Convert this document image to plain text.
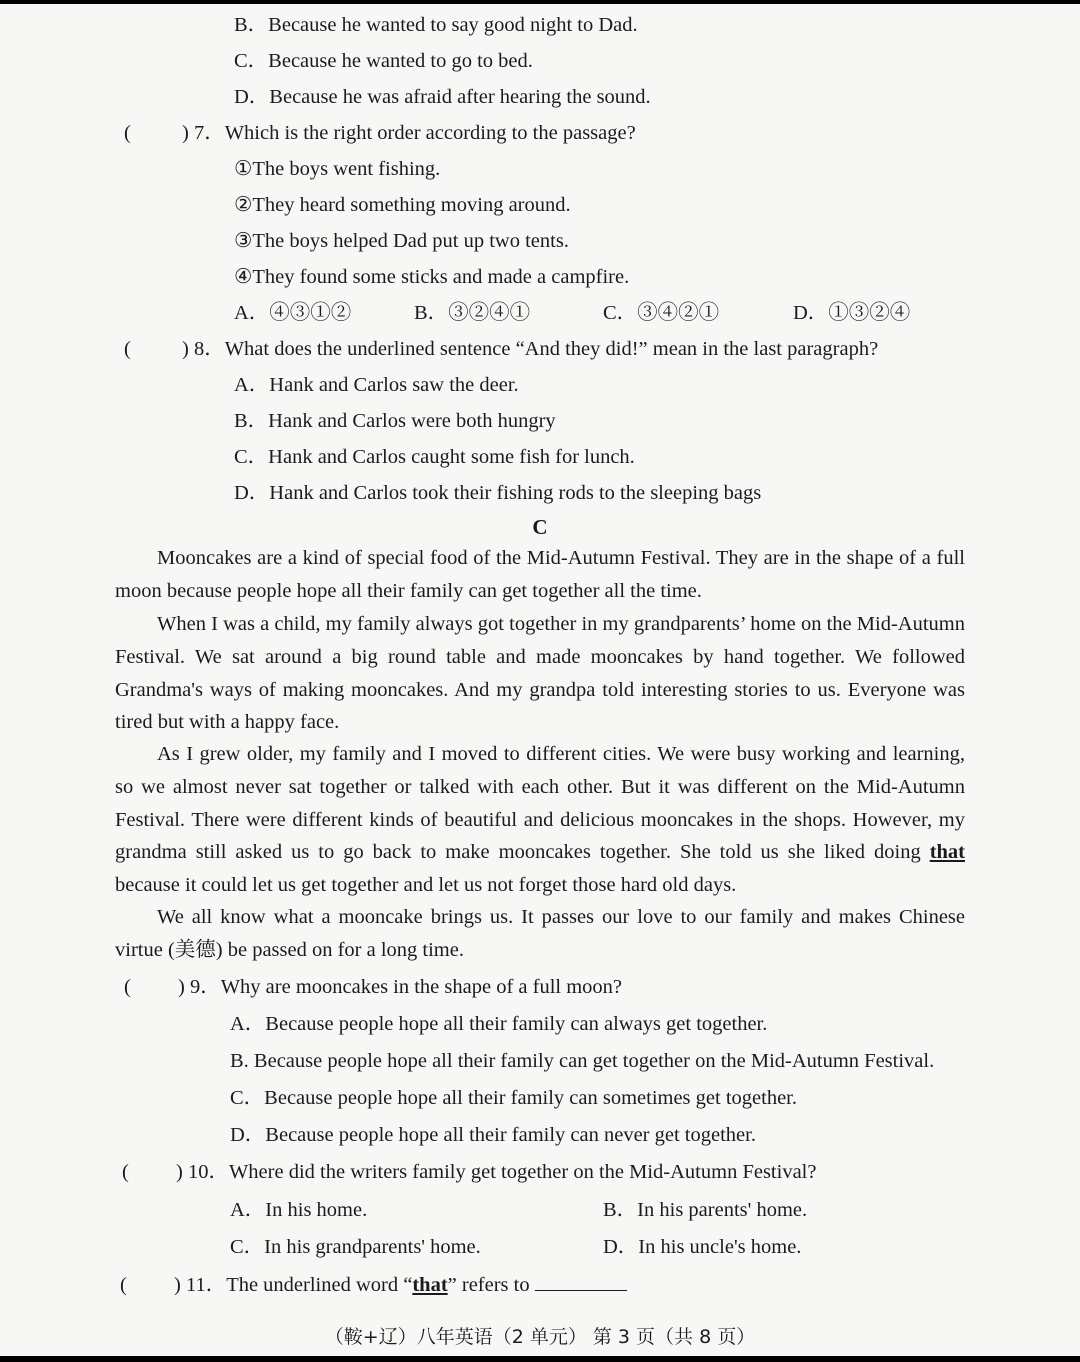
B．Because he wanted to say good night to Dad.
C．Because he wanted to go to bed.
D．Because he was afraid after hearing the sound.
( ) 7．Which is the right order according to the passage?
①The boys went fishing.
②They heard something moving around.
③The boys helped Dad put up two tents.
④They found some sticks and made a campfire.
A．④③①②	B．③②④①	C．③④②①	D．①③②④
( ) 8．What does the underlined sentence “And they did!” mean in the last paragraph?
A．Hank and Carlos saw the deer.
B．Hank and Carlos were both hungry
C．Hank and Carlos caught some fish for lunch.
D．Hank and Carlos took their fishing rods to the sleeping bags
C
Mooncakes are a kind of special food of the Mid-Autumn Festival. They are in the shape of a full moon because people hope all their family can get together all the time.
When I was a child, my family always got together in my grandparents’ home on the Mid-Autumn Festival. We sat around a big round table and made mooncakes by hand together. We followed Grandma's ways of making mooncakes. And my grandpa told interesting stories to us. Everyone was tired but with a happy face.
As I grew older, my family and I moved to different cities. We were busy working and learning, so we almost never sat together or talked with each other. But it was different on the Mid-Autumn Festival. There were different kinds of beautiful and delicious mooncakes in the shops. However, my grandma still asked us to go back to make mooncakes together. She told us she liked doing that because it could let us get together and let us not forget those hard old days.
We all know what a mooncake brings us. It passes our love to our family and makes Chinese virtue (美德) be passed on for a long time.
( ) 9．Why are mooncakes in the shape of a full moon?
A．Because people hope all their family can always get together.
B. Because people hope all their family can get together on the Mid-Autumn Festival.
C．Because people hope all their family can sometimes get together.
D．Because people hope all their family can never get together.
( ) 10．Where did the writers family get together on the Mid-Autumn Festival?
A．In his home.	B．In his parents' home.
C．In his grandparents' home.	D．In his uncle's home.
( ) 11．The underlined word “that” refers to
（鞍+辽）八年英语（2 单元） 第 3 页（共 8 页）
